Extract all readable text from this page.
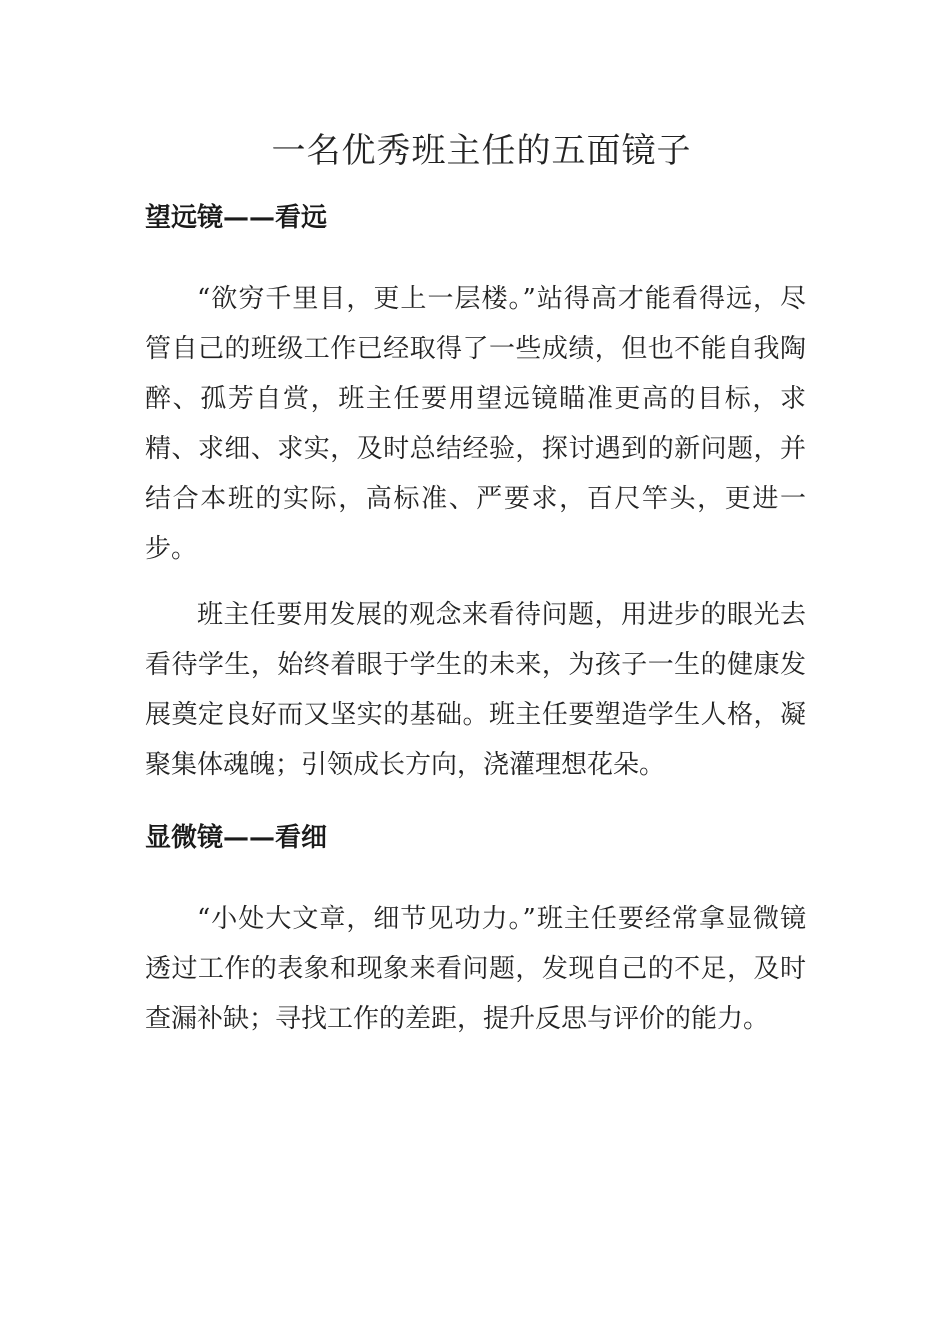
一名优秀班主任的五面镜子
望远镜——看远

“欲穷千里目，更上一层楼。”站得高才能看得远，尽管自己的班级工作已经取得了一些成绩，但也不能自我陶醉、孤芳自赏，班主任要用望远镜瞄准更高的目标，求精、求细、求实，及时总结经验，探讨遇到的新问题，并结合本班的实际，高标准、严要求，百尺竿头，更进一步。

班主任要用发展的观念来看待问题，用进步的眼光去看待学生，始终着眼于学生的未来，为孩子一生的健康发展奠定良好而又坚实的基础。班主任要塑造学生人格，凝聚集体魂魄；引领成长方向，浇灌理想花朵。

显微镜——看细

“小处大文章，细节见功力。”班主任要经常拿显微镜透过工作的表象和现象来看问题，发现自己的不足，及时查漏补缺；寻找工作的差距，提升反思与评价的能力。
